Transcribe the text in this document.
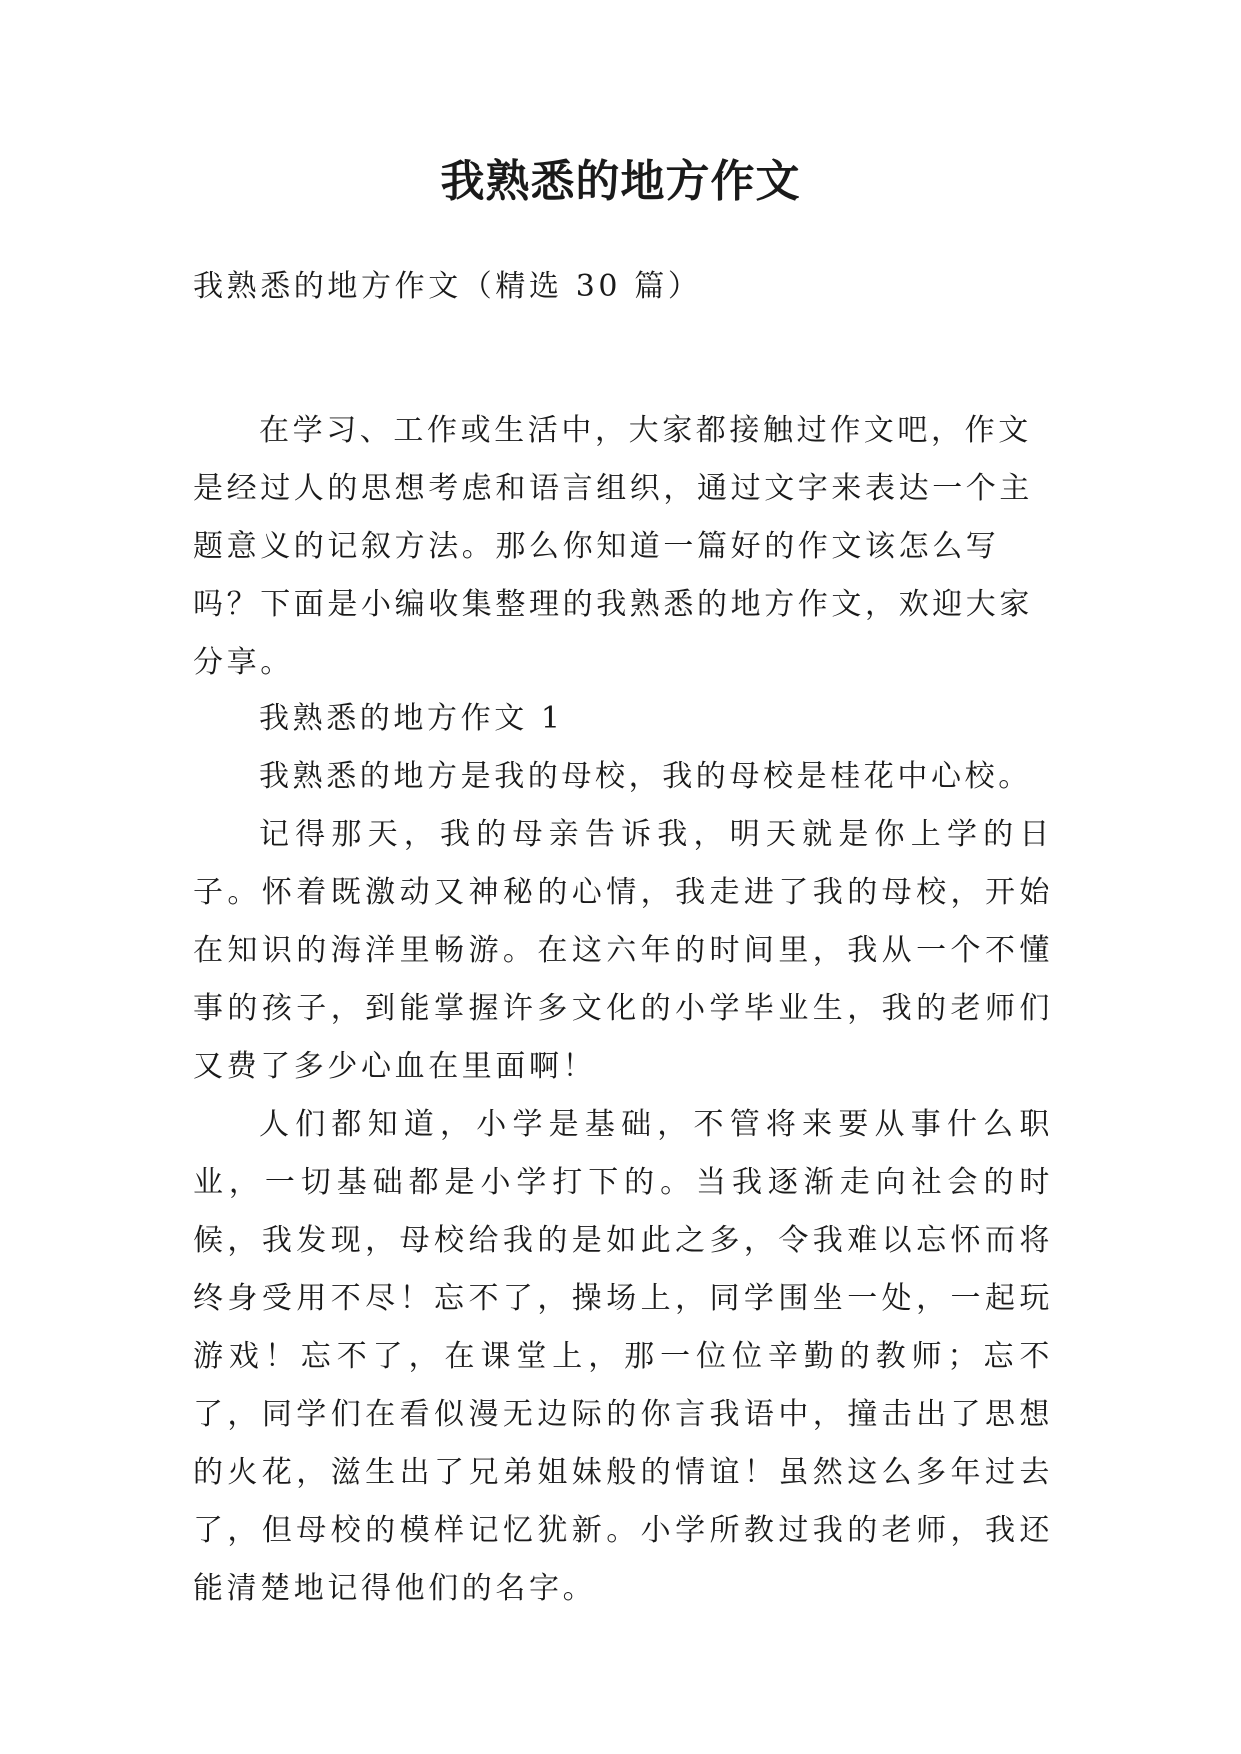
我熟悉的地方作文

我熟悉的地方作文（精选 30 篇）

在学习、工作或生活中，大家都接触过作文吧，作文是经过人的思想考虑和语言组织，通过文字来表达一个主题意义的记叙方法。那么你知道一篇好的作文该怎么写吗？下面是小编收集整理的我熟悉的地方作文，欢迎大家分享。

我熟悉的地方作文 1

我熟悉的地方是我的母校，我的母校是桂花中心校。

记得那天，我的母亲告诉我，明天就是你上学的日子。怀着既激动又神秘的心情，我走进了我的母校，开始在知识的海洋里畅游。在这六年的时间里，我从一个不懂事的孩子，到能掌握许多文化的小学毕业生，我的老师们又费了多少心血在里面啊！

人们都知道，小学是基础，不管将来要从事什么职业，一切基础都是小学打下的。当我逐渐走向社会的时候，我发现，母校给我的是如此之多，令我难以忘怀而将终身受用不尽！忘不了，操场上，同学围坐一处，一起玩游戏！忘不了，在课堂上，那一位位辛勤的教师；忘不了，同学们在看似漫无边际的你言我语中，撞击出了思想的火花，滋生出了兄弟姐妹般的情谊！虽然这么多年过去了，但母校的模样记忆犹新。小学所教过我的老师，我还能清楚地记得他们的名字。
